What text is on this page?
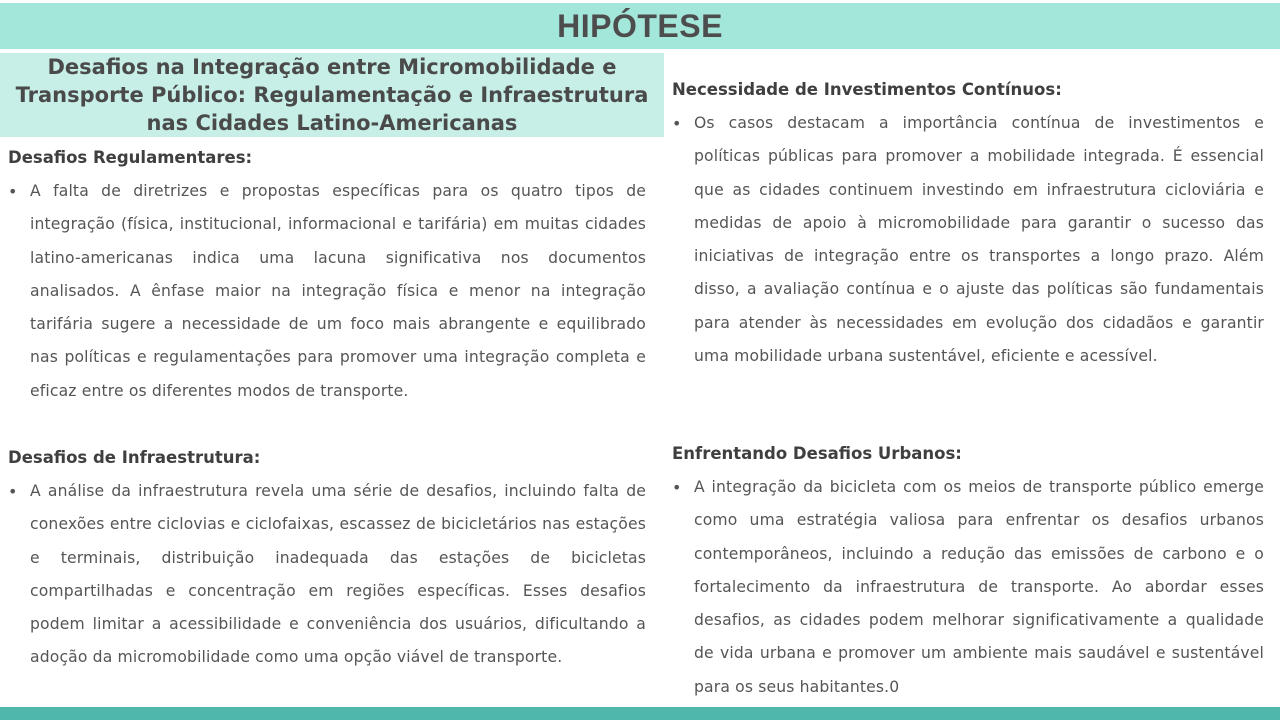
HIPÓTESE
Desafios na Integração entre Micromobilidade e Transporte Público: Regulamentação e Infraestrutura nas Cidades Latino-Americanas
Desafios Regulamentares:
• A falta de diretrizes e propostas específicas para os quatro tipos de integração (física, institucional, informacional e tarifária) em muitas cidades latino-americanas indica uma lacuna significativa nos documentos analisados. A ênfase maior na integração física e menor na integração tarifária sugere a necessidade de um foco mais abrangente e equilibrado nas políticas e regulamentações para promover uma integração completa e eficaz entre os diferentes modos de transporte.

Desafios de Infraestrutura:
• A análise da infraestrutura revela uma série de desafios, incluindo falta de conexões entre ciclovias e ciclofaixas, escassez de bicicletários nas estações e terminais, distribuição inadequada das estações de bicicletas compartilhadas e concentração em regiões específicas. Esses desafios podem limitar a acessibilidade e conveniência dos usuários, dificultando a adoção da micromobilidade como uma opção viável de transporte.

Necessidade de Investimentos Contínuos:
• Os casos destacam a importância contínua de investimentos e políticas públicas para promover a mobilidade integrada. É essencial que as cidades continuem investindo em infraestrutura cicloviária e medidas de apoio à micromobilidade para garantir o sucesso das iniciativas de integração entre os transportes a longo prazo. Além disso, a avaliação contínua e o ajuste das políticas são fundamentais para atender às necessidades em evolução dos cidadãos e garantir uma mobilidade urbana sustentável, eficiente e acessível.

Enfrentando Desafios Urbanos:
• A integração da bicicleta com os meios de transporte público emerge como uma estratégia valiosa para enfrentar os desafios urbanos contemporâneos, incluindo a redução das emissões de carbono e o fortalecimento da infraestrutura de transporte. Ao abordar esses desafios, as cidades podem melhorar significativamente a qualidade de vida urbana e promover um ambiente mais saudável e sustentável para os seus habitantes.0
